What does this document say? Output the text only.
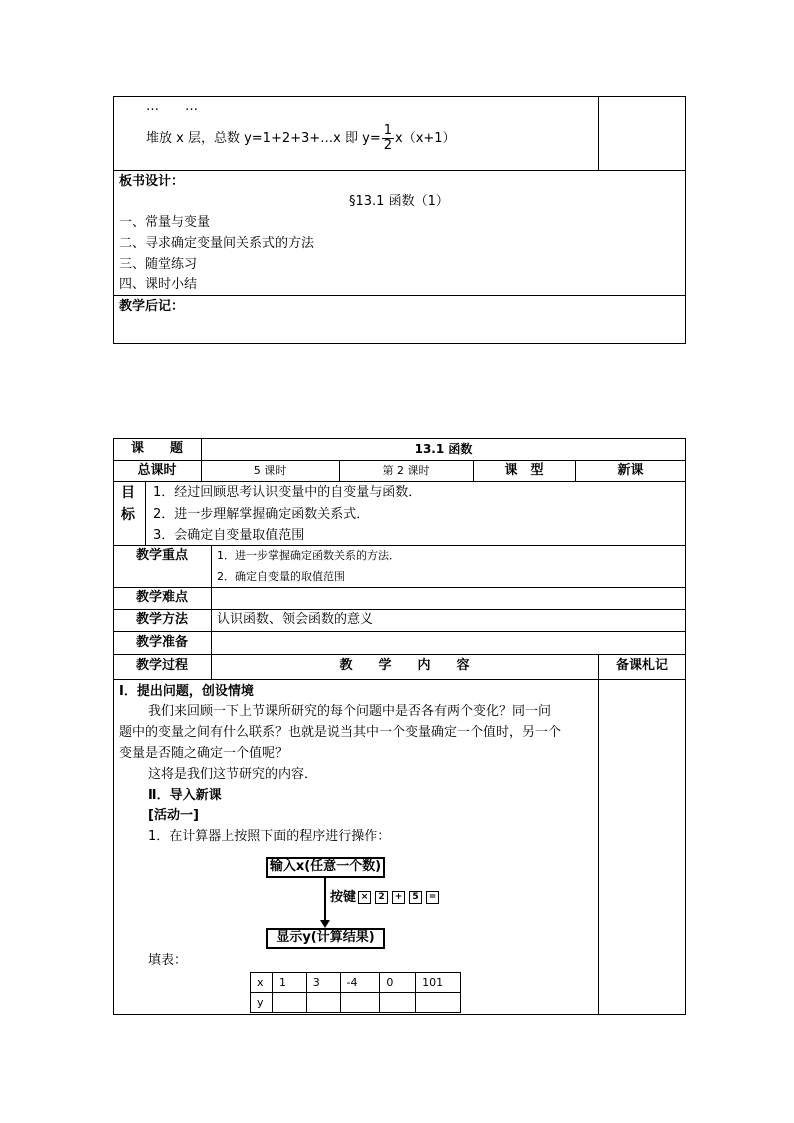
…　　…
堆放 x 层，总数 y=1+2+3+…x 即 $y= \frac{1}{2} x(x+1)$
板书设计：
§13.1 函数（1）
一、常量与变量
二、寻求确定变量间关系式的方法
三、随堂练习
四、课时小结
教学后记：
课　　题	13.1 函数
总课时	5 课时	第 2 课时	课　型	新课
目
标
1．经过回顾思考认识变量中的自变量与函数．
2．进一步理解掌握确定函数关系式．
3．会确定自变量取值范围
教学重点	1．进一步掌握确定函数关系的方法．
2．确定自变量的取值范围
教学难点
教学方法	认识函数、领会函数的意义
教学准备
教学过程	教　　学　　内　　容	备课札记
Ⅰ．提出问题，创设情境
我们来回顾一下上节课所研究的每个问题中是否各有两个变化？同一问
题中的变量之间有什么联系？也就是说当其中一个变量确定一个值时，另一个
变量是否随之确定一个值呢？
这将是我们这节研究的内容．
Ⅱ．导入新课
[活动一]
1．在计算器上按照下面的程序进行操作：
输入x(任意一个数)
按键 × 2 + 5 =
显示y(计算结果)
填表：
x	1	3	-4	0	101
y					
